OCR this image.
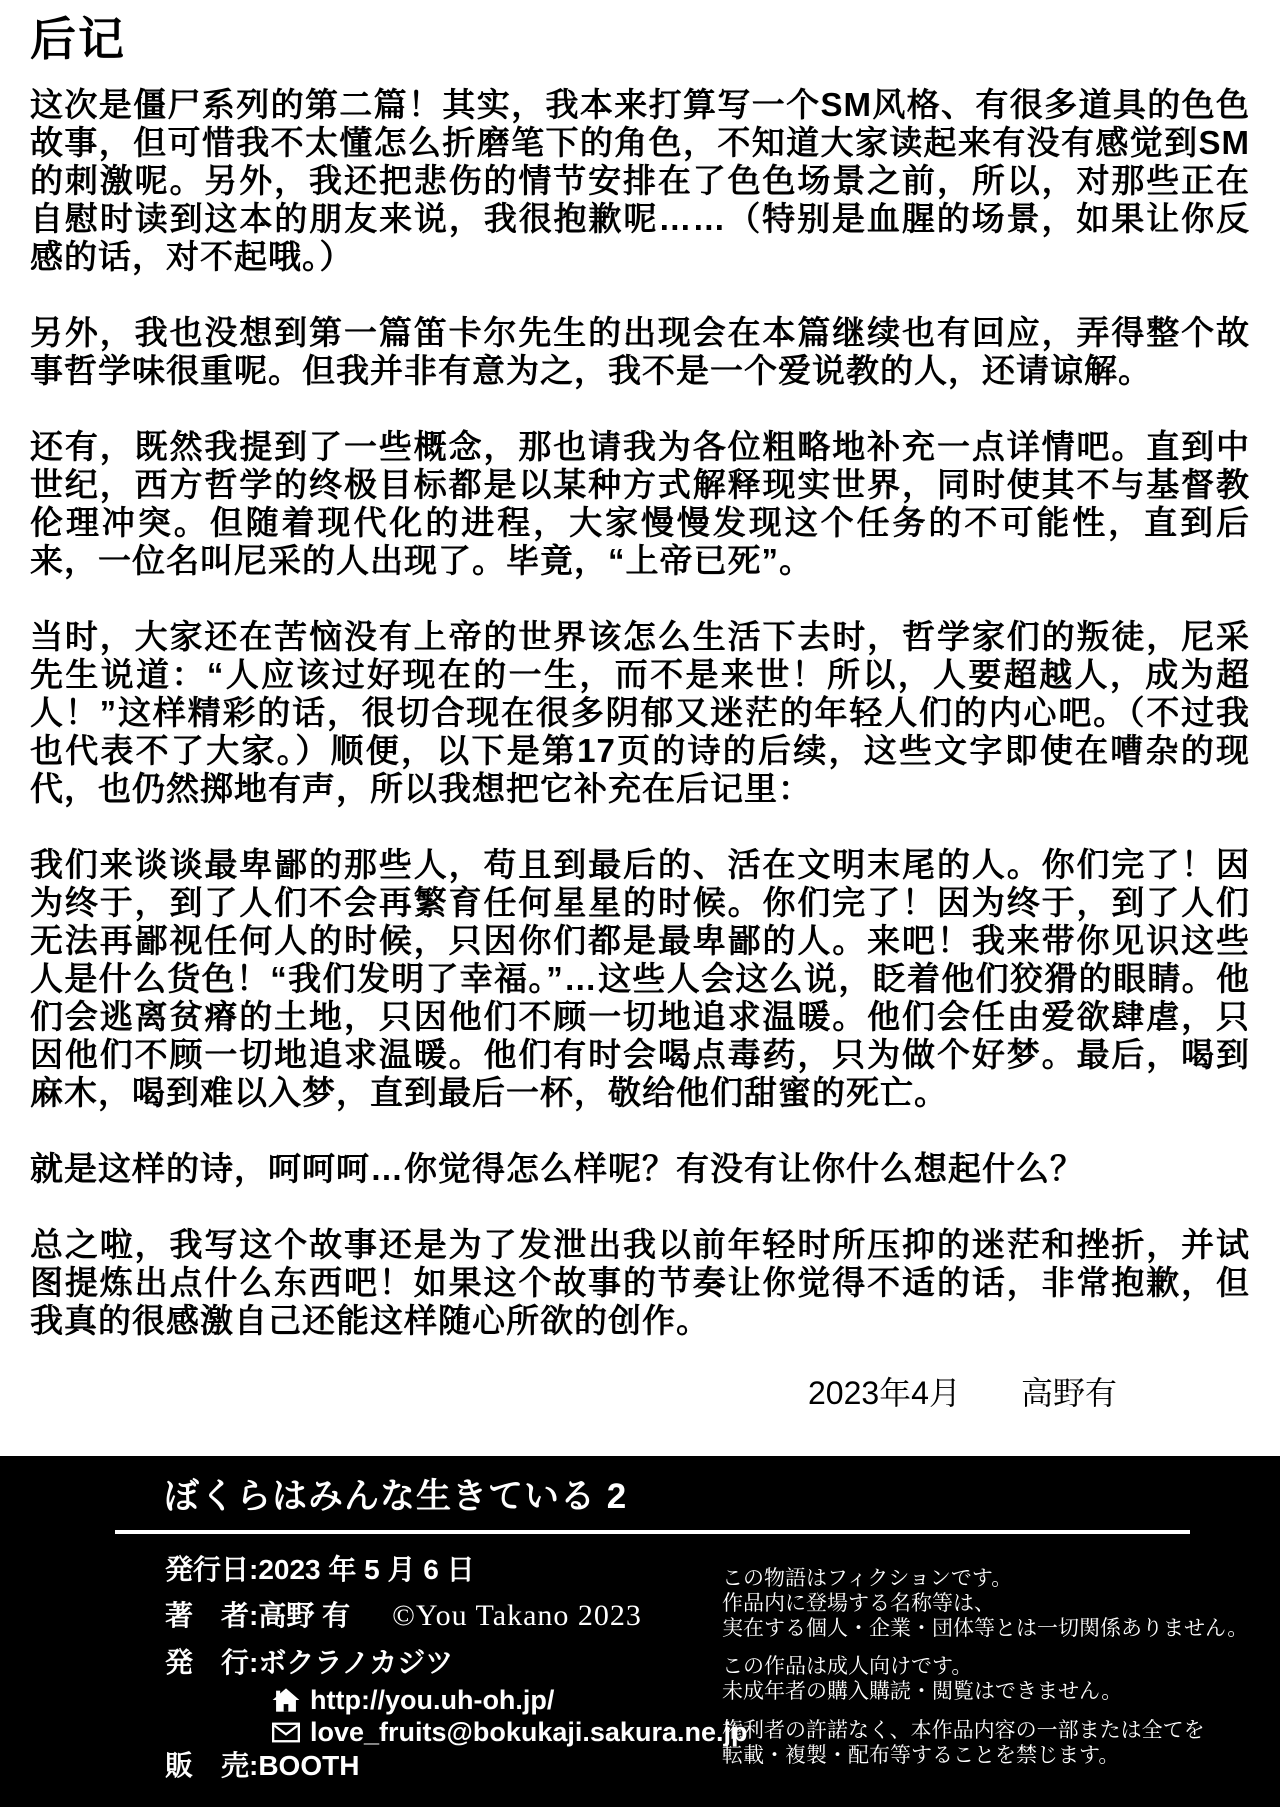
后记

这次是僵尸系列的第二篇！其实，我本来打算写一个SM风格、有很多道具的色色故事，但可惜我不太懂怎么折磨笔下的角色，不知道大家读起来有没有感觉到SM的刺激呢。另外，我还把悲伤的情节安排在了色色场景之前，所以，对那些正在自慰时读到这本的朋友来说，我很抱歉呢……（特别是血腥的场景，如果让你反感的话，对不起哦。）

另外，我也没想到第一篇笛卡尔先生的出现会在本篇继续也有回应，弄得整个故事哲学味很重呢。但我并非有意为之，我不是一个爱说教的人，还请谅解。

还有，既然我提到了一些概念，那也请我为各位粗略地补充一点详情吧。直到中世纪，西方哲学的终极目标都是以某种方式解释现实世界，同时使其不与基督教伦理冲突。但随着现代化的进程，大家慢慢发现这个任务的不可能性，直到后来，一位名叫尼采的人出现了。毕竟，“上帝已死”。

当时，大家还在苦恼没有上帝的世界该怎么生活下去时，哲学家们的叛徒，尼采先生说道：“人应该过好现在的一生，而不是来世！所以，人要超越人，成为超人！”这样精彩的话，很切合现在很多阴郁又迷茫的年轻人们的内心吧。（不过我也代表不了大家。）顺便，以下是第17页的诗的后续，这些文字即使在嘈杂的现代，也仍然掷地有声，所以我想把它补充在后记里：

我们来谈谈最卑鄙的那些人，苟且到最后的、活在文明末尾的人。你们完了！因为终于，到了人们不会再繁育任何星星的时候。你们完了！因为终于，到了人们无法再鄙视任何人的时候，只因你们都是最卑鄙的人。来吧！我来带你见识这些人是什么货色！“我们发明了幸福。”…这些人会这么说，眨着他们狡猾的眼睛。他们会逃离贫瘠的土地，只因他们不顾一切地追求温暖。他们会任由爱欲肆虐，只因他们不顾一切地追求温暖。他们有时会喝点毒药，只为做个好梦。最后，喝到麻木，喝到难以入梦，直到最后一杯，敬给他们甜蜜的死亡。

就是这样的诗，呵呵呵…你觉得怎么样呢？有没有让你什么想起什么？

总之啦，我写这个故事还是为了发泄出我以前年轻时所压抑的迷茫和挫折，并试图提炼出点什么东西吧！如果这个故事的节奏让你觉得不适的话，非常抱歉，但我真的很感激自己还能这样随心所欲的创作。

2023年4月 高野有
ぼくらはみんな生きている 2
発行日:2023 年 5 月 6 日
著　者:高野 有 ©You Takano 2023
発　行:ボクラノカジツ
http://you.uh-oh.jp/
love_fruits@bokukaji.sakura.ne.jp
販　売:BOOTH
この物語はフィクションです。
作品内に登場する名称等は、
実在する個人・企業・団体等とは一切関係ありません。
この作品は成人向けです。
未成年者の購入購読・閲覧はできません。
権利者の許諾なく、本作品内容の一部または全てを
転載・複製・配布等することを禁じます。
